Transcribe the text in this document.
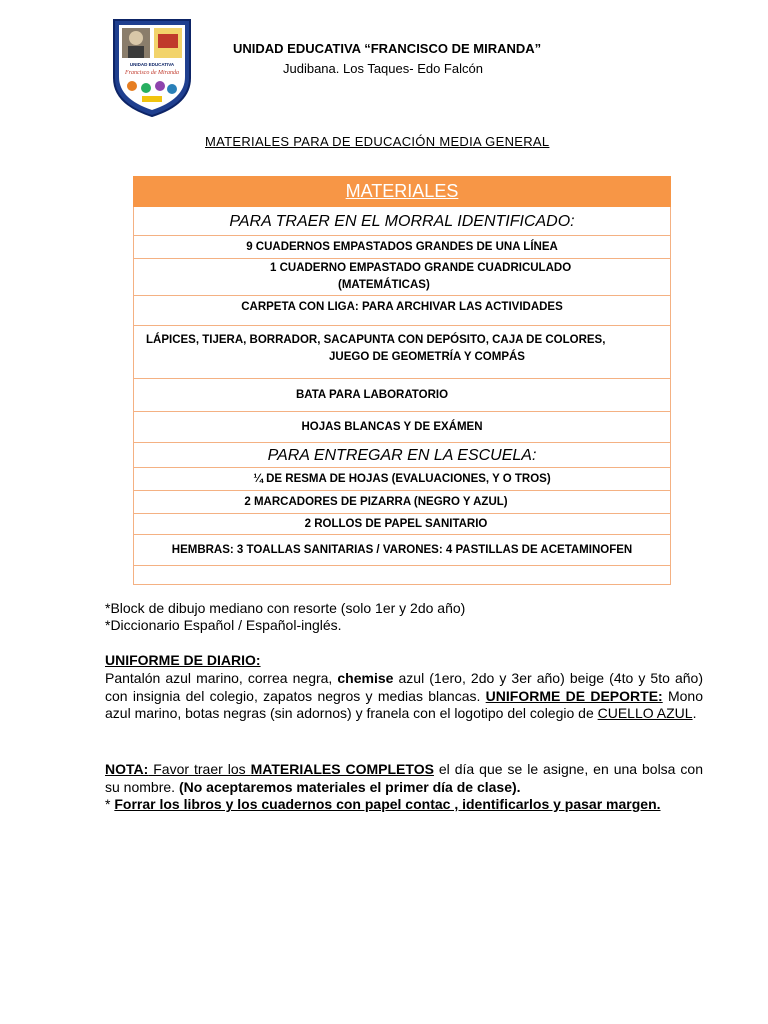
UNIDAD EDUCATIVA
Francisco de Miranda
UNIDAD EDUCATIVA “FRANCISCO DE MIRANDA”
Judibana. Los Taques- Edo Falcón
MATERIALES PARA DE EDUCACIÓN MEDIA GENERAL
MATERIALES
PARA TRAER EN EL MORRAL IDENTIFICADO:
9 CUADERNOS EMPASTADOS GRANDES DE UNA LÍNEA

1 CUADERNO EMPASTADO GRANDE CUADRICULADO
(MATEMÁTICAS)

CARPETA CON LIGA: PARA ARCHIVAR LAS ACTIVIDADES

LÁPICES, TIJERA, BORRADOR, SACAPUNTA CON DEPÓSITO, CAJA DE COLORES,
JUEGO DE GEOMETRÍA Y COMPÁS

BATA PARA LABORATORIO
HOJAS BLANCAS Y DE EXÁMEN
PARA ENTREGAR EN LA ESCUELA:
¼ DE RESMA DE HOJAS (EVALUACIONES, Y O TROS)
2 MARCADORES DE PIZARRA (NEGRO Y AZUL)
2 ROLLOS DE PAPEL SANITARIO
HEMBRAS: 3 TOALLAS SANITARIAS / VARONES: 4 PASTILLAS DE ACETAMINOFEN

*Block de dibujo mediano con resorte (solo 1er y 2do año)
*Diccionario Español / Español-inglés.
UNIFORME DE DIARIO:
Pantalón azul marino, correa negra, chemise azul (1ero, 2do y 3er año) beige (4to y 5to año) con insignia del colegio, zapatos negros y medias blancas. UNIFORME DE DEPORTE: Mono azul marino, botas negras (sin adornos) y franela con el logotipo del colegio de CUELLO AZUL.
NOTA: Favor traer los MATERIALES COMPLETOS el día que se le asigne, en una bolsa con su nombre. (No aceptaremos materiales el primer día de clase).
* Forrar los libros y los cuadernos con papel contac , identificarlos y pasar margen.
